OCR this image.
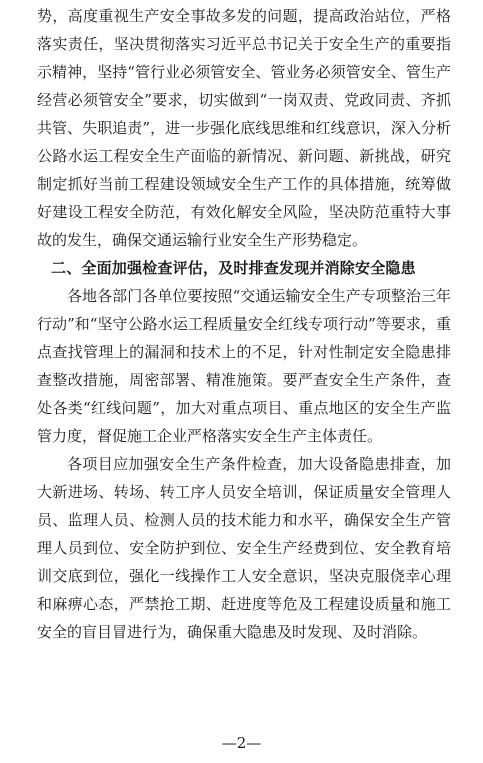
势，高度重视生产安全事故多发的问题，提高政治站位，严格落实责任，坚决贯彻落实习近平总书记关于安全生产的重要指示精神，坚持“管行业必须管安全、管业务必须管安全、管生产经营必须管安全”要求，切实做到“一岗双责、党政同责、齐抓共管、失职追责”，进一步强化底线思维和红线意识，深入分析公路水运工程安全生产面临的新情况、新问题、新挑战，研究制定抓好当前工程建设领域安全生产工作的具体措施，统筹做好建设工程安全防范，有效化解安全风险，坚决防范重特大事故的发生，确保交通运输行业安全生产形势稳定。

二、全面加强检查评估，及时排查发现并消除安全隐患

各地各部门各单位要按照“交通运输安全生产专项整治三年行动”和“坚守公路水运工程质量安全红线专项行动”等要求，重点查找管理上的漏洞和技术上的不足，针对性制定安全隐患排查整改措施，周密部署、精准施策。要严查安全生产条件，查处各类“红线问题”，加大对重点项目、重点地区的安全生产监管力度，督促施工企业严格落实安全生产主体责任。

各项目应加强安全生产条件检查，加大设备隐患排查，加大新进场、转场、转工序人员安全培训，保证质量安全管理人员、监理人员、检测人员的技术能力和水平，确保安全生产管理人员到位、安全防护到位、安全生产经费到位、安全教育培训交底到位，强化一线操作工人安全意识，坚决克服侥幸心理和麻痹心态，严禁抢工期、赶进度等危及工程建设质量和施工安全的盲目冒进行为，确保重大隐患及时发现、及时消除。

—2—
